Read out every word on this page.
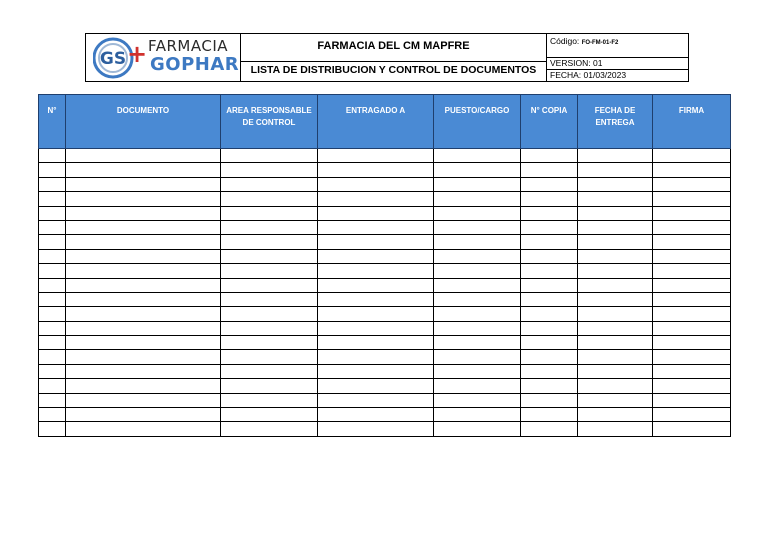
GS + FARMACIA
GOPHAR

FARMACIA DEL CM MAPFRE
LISTA DE DISTRIBUCION Y CONTROL DE DOCUMENTOS

Código: FO-FM-01-F2
VERSION: 01
FECHA: 01/03/2023

N°	DOCUMENTO	AREA RESPONSABLE DE CONTROL	ENTRAGADO A	PUESTO/CARGO	N° COPIA	FECHA DE ENTREGA	FIRMA
